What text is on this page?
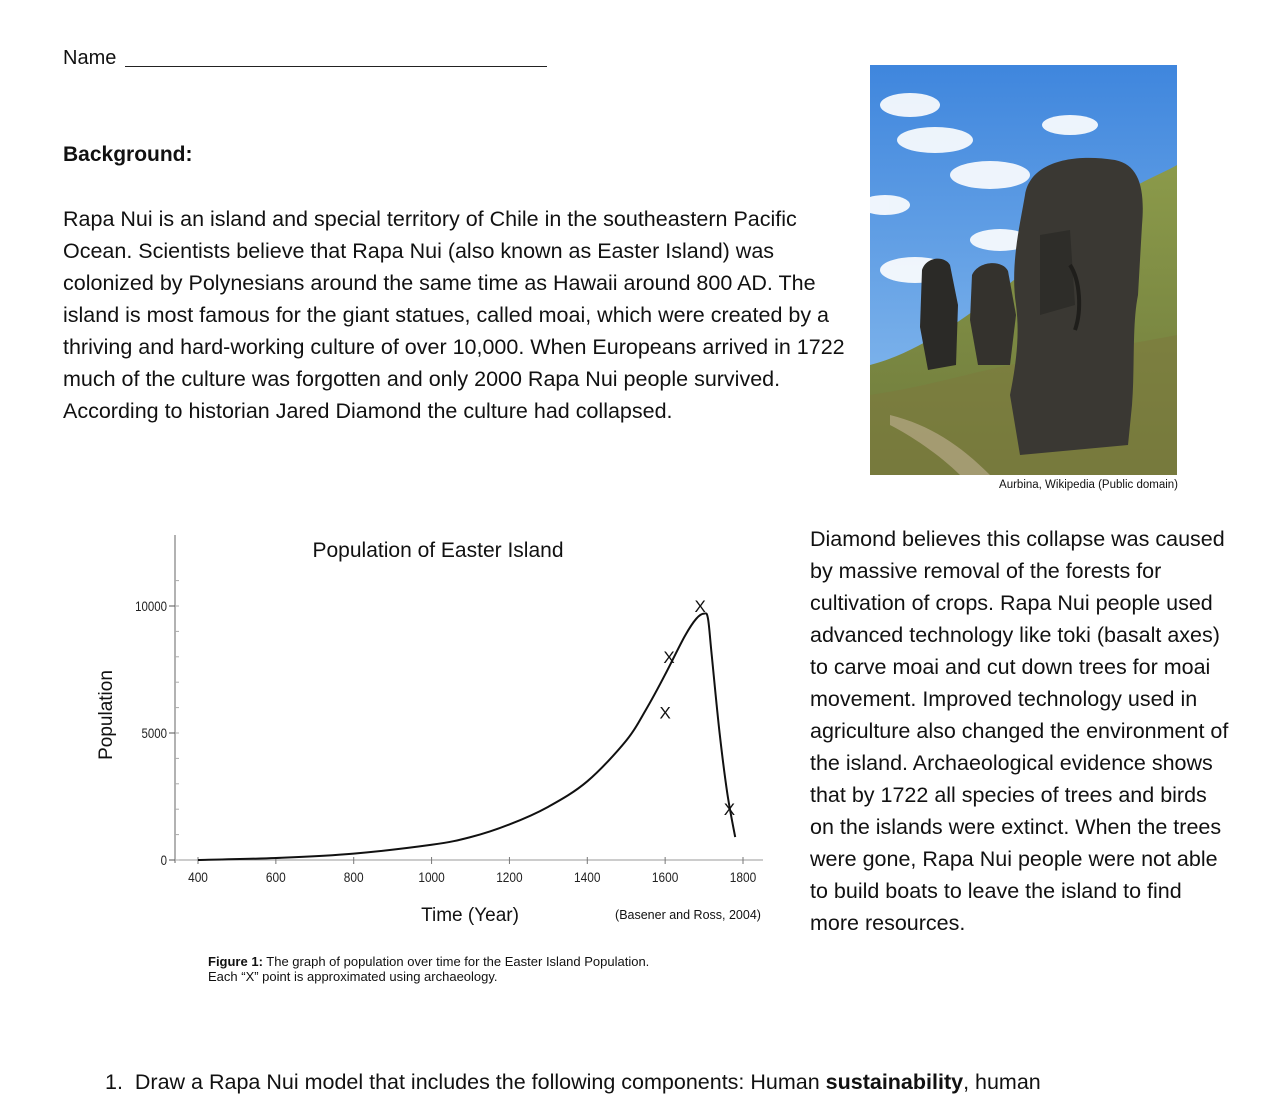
Name
Background:
Rapa Nui is an island and special territory of Chile in the southeastern Pacific Ocean. Scientists believe that Rapa Nui (also known as Easter Island) was colonized by Polynesians around the same time as Hawaii around 800 AD. The island is most famous for the giant statues, called moai, which were created by a thriving and hard-working culture of over 10,000. When Europeans arrived in 1722 much of the culture was forgotten and only 2000 Rapa Nui people survived. According to historian Jared Diamond the culture had collapsed.
Aurbina, Wikipedia (Public domain)
Diamond believes this collapse was caused by massive removal of the forests for cultivation of crops. Rapa Nui people used advanced technology like toki (basalt axes) to carve moai and cut down trees for moai movement. Improved technology used in agriculture also changed the environment of the island. Archaeological evidence shows that by 1722 all species of trees and birds on the islands were extinct. When the trees were gone, Rapa Nui people were not able to build boats to leave the island to find more resources.
Population of Easter Island
Population
Time (Year)	(Basener and Ross, 2004)
0
5000
10000
400	600	800	1000	1200	1400	1600	1800
X
X
X
X
Figure 1: The graph of population over time for the Easter Island Population. Each “X” point is approximated using archaeology.
1. Draw a Rapa Nui model that includes the following components: Human sustainability, human
